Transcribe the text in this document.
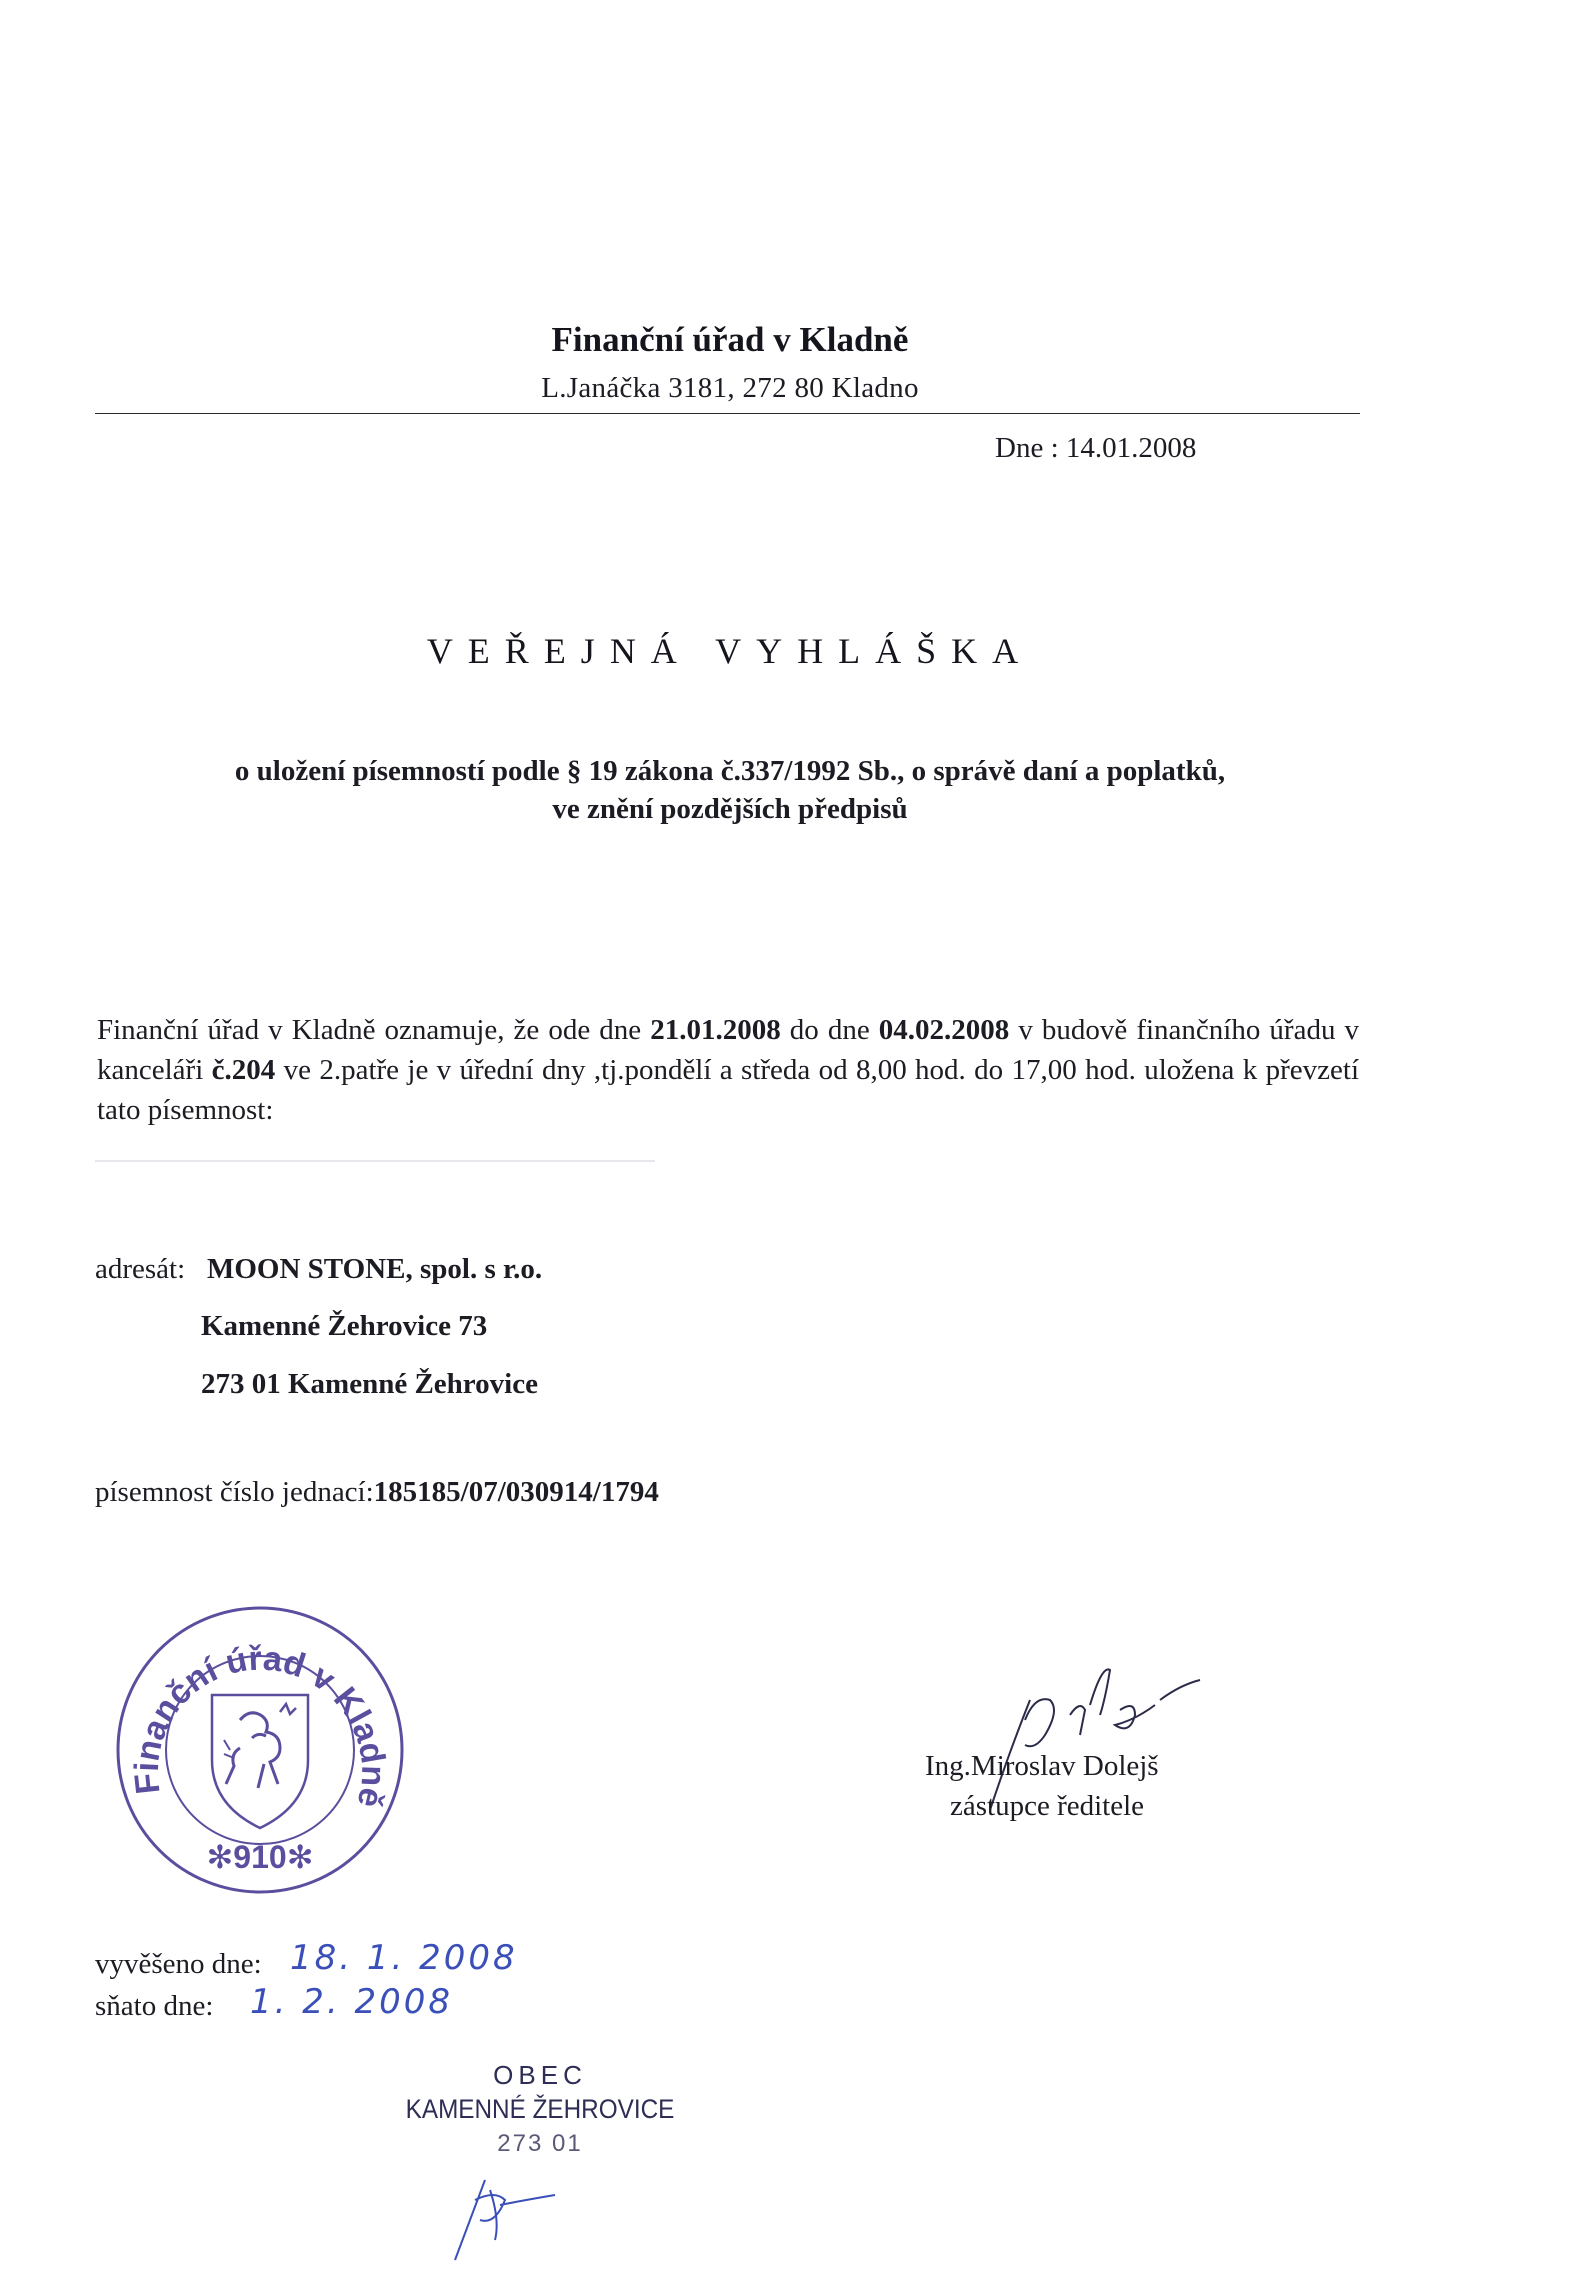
Finanční úřad v Kladně
L.Janáčka 3181, 272 80 Kladno
Dne : 14.01.2008
VEŘEJNÁ VYHLÁŠKA
o uložení písemností podle § 19 zákona č.337/1992 Sb., o správě daní a poplatků,
ve znění pozdějších předpisů
Finanční úřad v Kladně oznamuje, že ode dne 21.01.2008 do dne 04.02.2008 v budově finančního úřadu v kanceláři č.204 ve 2.patře je v úřední dny ,tj.pondělí a středa od 8,00 hod. do 17,00 hod. uložena k převzetí tato písemnost:
adresát: MOON STONE, spol. s r.o.
Kamenné Žehrovice 73
273 01 Kamenné Žehrovice
písemnost číslo jednací:185185/07/030914/1794
Finanční úřad v Kladně
✻910✻
Ing.Miroslav Dolejš
zástupce ředitele
vyvěšeno dne: 18. 1. 2008
sňato dne: 1. 2. 2008
OBEC
KAMENNÉ ŽEHROVICE
273 01
